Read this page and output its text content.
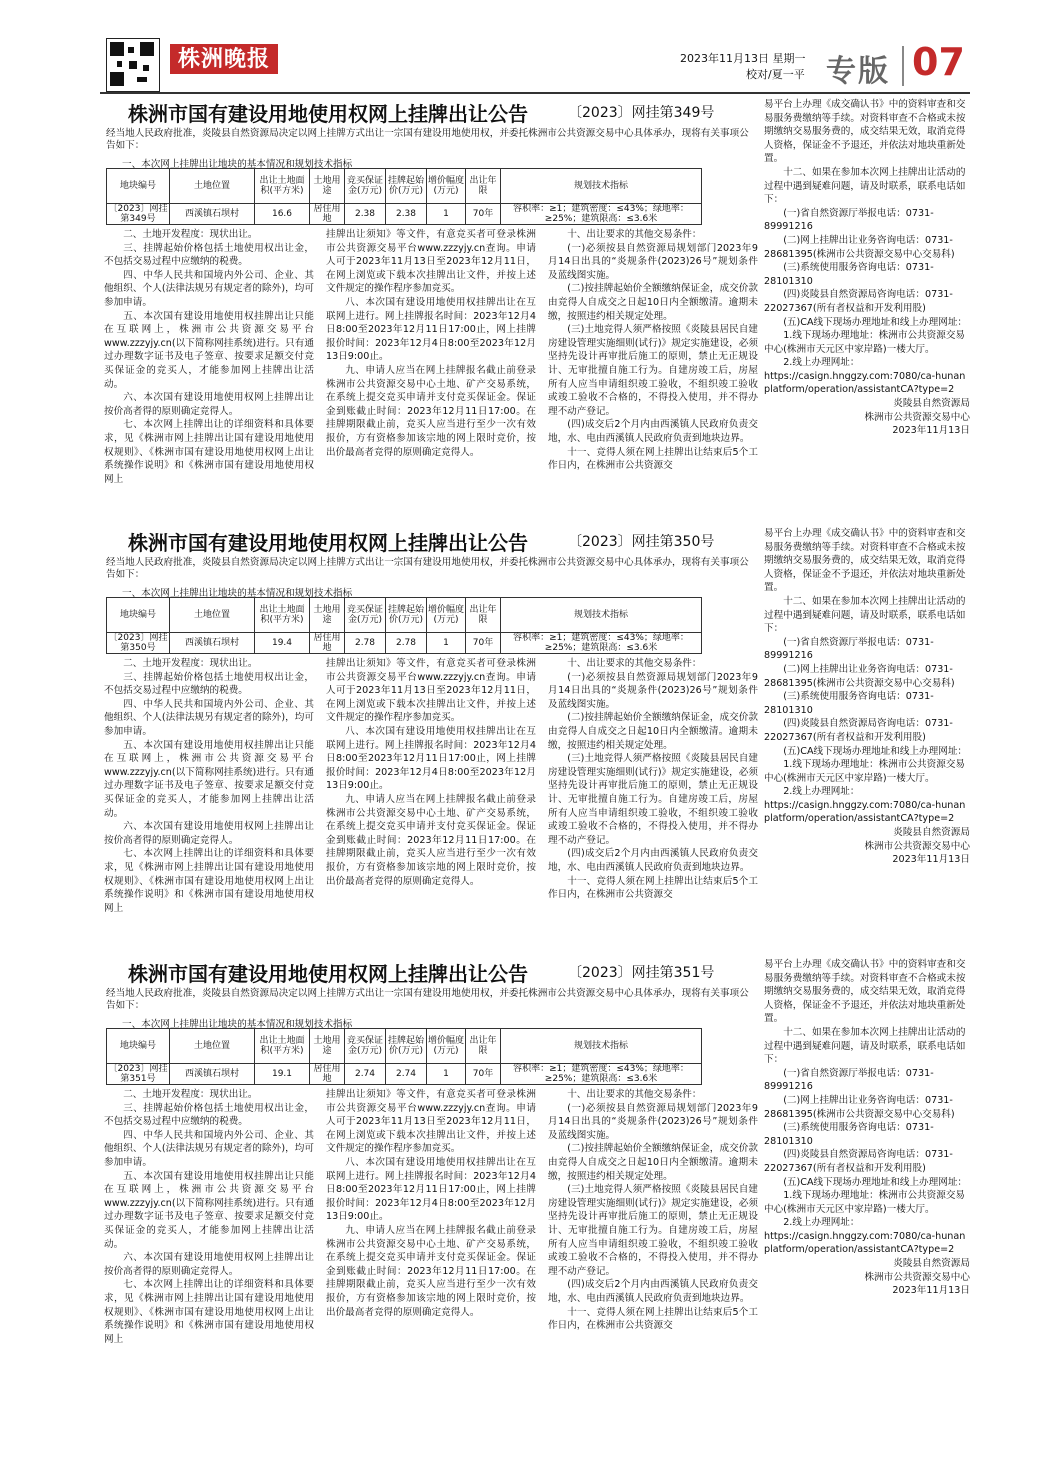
株洲晚报	2023年11月13日 星期一
校对/夏一平 专版 07
株洲市国有建设用地使用权网上挂牌出让公告	〔2023〕网挂第349号
经当地人民政府批准，炎陵县自然资源局决定以网上挂牌方式出让一宗国有建设用地使用权，并委托株洲市公共资源交易中心具体承办，现将有关事项公告如下：
一、本次网上挂牌出让地块的基本情况和规划技术指标
地块编号	土地位置	出让土地面积(平方米)	土地用途	竞买保证金(万元)	挂牌起始价(万元)	增价幅度(万元)	出让年限	规划技术指标
〔2023〕网挂第349号	西溪镇石坝村	16.6	居住用地	2.38	2.38	1	70年	容积率：≥1；建筑密度：≤43%；绿地率：≥25%；建筑限高：≤3.6米

二、土地开发程度：现状出让。

三、挂牌起始价格包括土地使用权出让金，不包括交易过程中应缴纳的税费。

四、中华人民共和国境内外公司、企业、其他组织、个人(法律法规另有规定者的除外)，均可参加申请。

五、本次国有建设用地使用权挂牌出让只能在互联网上，株洲市公共资源交易平台www.zzzyjy.cn(以下简称网挂系统)进行。只有通过办理数字证书及电子签章、按要求足额交付竞买保证金的竞买人，才能参加网上挂牌出让活动。

六、本次国有建设用地使用权网上挂牌出让按价高者得的原则确定竞得人。

七、本次网上挂牌出让的详细资料和具体要求，见《株洲市网上挂牌出让国有建设用地使用权规则》、《株洲市国有建设用地使用权网上出让系统操作说明》和《株洲市国有建设用地使用权网上

挂牌出让须知》等文件，有意竞买者可登录株洲市公共资源交易平台www.zzzyjy.cn查询。申请人可于2023年11月13日至2023年12月11日，在网上浏览或下载本次挂牌出让文件，并按上述文件规定的操作程序参加竞买。

八、本次国有建设用地使用权挂牌出让在互联网上进行。网上挂牌报名时间：2023年12月4日8:00至2023年12月11日17:00止，网上挂牌报价时间：2023年12月4日8:00至2023年12月13日9:00止。

九、申请人应当在网上挂牌报名截止前登录株洲市公共资源交易中心土地、矿产交易系统，在系统上提交竞买申请并支付竞买保证金。保证金到账截止时间：2023年12月11日17:00。在挂牌期限截止前，竞买人应当进行至少一次有效报价，方有资格参加该宗地的网上限时竞价，按出价最高者竞得的原则确定竞得人。

十、出让要求的其他交易条件：

(一)必须按县自然资源局规划部门2023年9月14日出具的“炎规条件(2023)26号”规划条件及蓝线图实施。

(二)按挂牌起始价全额缴纳保证金，成交价款由竞得人自成交之日起10日内全额缴清。逾期未缴，按照违约相关规定处理。

(三)土地竞得人须严格按照《炎陵县居民自建房建设管理实施细则(试行)》规定实施建设，必须坚持先设计再审批后施工的原则，禁止无正规设计、无审批擅自施工行为。自建房竣工后，房屋所有人应当申请组织竣工验收，不组织竣工验收或竣工验收不合格的，不得投入使用，并不得办理不动产登记。

(四)成交后2个月内由西溪镇人民政府负责交地，水、电由西溪镇人民政府负责到地块边界。

十一、竞得人须在网上挂牌出让结束后5个工作日内，在株洲市公共资源交

易平台上办理《成交确认书》中的资料审查和交易服务费缴纳等手续。对资料审查不合格或未按期缴纳交易服务费的，成交结果无效，取消竞得人资格，保证金不予退还，并依法对地块重新处置。

十二、如果在参加本次网上挂牌出让活动的过程中遇到疑难问题，请及时联系，联系电话如下：

(一)省自然资源厅举报电话：0731-89991216

(二)网上挂牌出让业务咨询电话：0731-28681395(株洲市公共资源交易中心交易科)

(三)系统使用服务咨询电话：0731-28101310

(四)炎陵县自然资源局咨询电话：0731-22027367(所有者权益和开发利用股)

(五)CA线下现场办理地址和线上办理网址：

1.线下现场办理地址：株洲市公共资源交易中心(株洲市天元区中家岸路)一楼大厅。

2.线上办理网址：

https://casign.hnggzy.com:7080/ca-hunanplatform/operation/assistantCA?type=2

炎陵县自然资源局

株洲市公共资源交易中心

2023年11月13日

株洲市国有建设用地使用权网上挂牌出让公告	〔2023〕网挂第350号
经当地人民政府批准，炎陵县自然资源局决定以网上挂牌方式出让一宗国有建设用地使用权，并委托株洲市公共资源交易中心具体承办，现将有关事项公告如下：
一、本次网上挂牌出让地块的基本情况和规划技术指标
地块编号	土地位置	出让土地面积(平方米)	土地用途	竞买保证金(万元)	挂牌起始价(万元)	增价幅度(万元)	出让年限	规划技术指标
〔2023〕网挂第350号	西溪镇石坝村	19.4	居住用地	2.78	2.78	1	70年	容积率：≥1；建筑密度：≤43%；绿地率：≥25%；建筑限高：≤3.6米

二、土地开发程度：现状出让。

三、挂牌起始价格包括土地使用权出让金，不包括交易过程中应缴纳的税费。

四、中华人民共和国境内外公司、企业、其他组织、个人(法律法规另有规定者的除外)，均可参加申请。

五、本次国有建设用地使用权挂牌出让只能在互联网上，株洲市公共资源交易平台www.zzzyjy.cn(以下简称网挂系统)进行。只有通过办理数字证书及电子签章、按要求足额交付竞买保证金的竞买人，才能参加网上挂牌出让活动。

六、本次国有建设用地使用权网上挂牌出让按价高者得的原则确定竞得人。

七、本次网上挂牌出让的详细资料和具体要求，见《株洲市网上挂牌出让国有建设用地使用权规则》、《株洲市国有建设用地使用权网上出让系统操作说明》和《株洲市国有建设用地使用权网上

挂牌出让须知》等文件，有意竞买者可登录株洲市公共资源交易平台www.zzzyjy.cn查询。申请人可于2023年11月13日至2023年12月11日，在网上浏览或下载本次挂牌出让文件，并按上述文件规定的操作程序参加竞买。

八、本次国有建设用地使用权挂牌出让在互联网上进行。网上挂牌报名时间：2023年12月4日8:00至2023年12月11日17:00止，网上挂牌报价时间：2023年12月4日8:00至2023年12月13日9:00止。

九、申请人应当在网上挂牌报名截止前登录株洲市公共资源交易中心土地、矿产交易系统，在系统上提交竞买申请并支付竞买保证金。保证金到账截止时间：2023年12月11日17:00。在挂牌期限截止前，竞买人应当进行至少一次有效报价，方有资格参加该宗地的网上限时竞价，按出价最高者竞得的原则确定竞得人。

十、出让要求的其他交易条件：

(一)必须按县自然资源局规划部门2023年9月14日出具的“炎规条件(2023)26号”规划条件及蓝线图实施。

(二)按挂牌起始价全额缴纳保证金，成交价款由竞得人自成交之日起10日内全额缴清。逾期未缴，按照违约相关规定处理。

(三)土地竞得人须严格按照《炎陵县居民自建房建设管理实施细则(试行)》规定实施建设，必须坚持先设计再审批后施工的原则，禁止无正规设计、无审批擅自施工行为。自建房竣工后，房屋所有人应当申请组织竣工验收，不组织竣工验收或竣工验收不合格的，不得投入使用，并不得办理不动产登记。

(四)成交后2个月内由西溪镇人民政府负责交地，水、电由西溪镇人民政府负责到地块边界。

十一、竞得人须在网上挂牌出让结束后5个工作日内，在株洲市公共资源交

易平台上办理《成交确认书》中的资料审查和交易服务费缴纳等手续。对资料审查不合格或未按期缴纳交易服务费的，成交结果无效，取消竞得人资格，保证金不予退还，并依法对地块重新处置。

十二、如果在参加本次网上挂牌出让活动的过程中遇到疑难问题，请及时联系，联系电话如下：

(一)省自然资源厅举报电话：0731-89991216

(二)网上挂牌出让业务咨询电话：0731-28681395(株洲市公共资源交易中心交易科)

(三)系统使用服务咨询电话：0731-28101310

(四)炎陵县自然资源局咨询电话：0731-22027367(所有者权益和开发利用股)

(五)CA线下现场办理地址和线上办理网址：

1.线下现场办理地址：株洲市公共资源交易中心(株洲市天元区中家岸路)一楼大厅。

2.线上办理网址：

https://casign.hnggzy.com:7080/ca-hunanplatform/operation/assistantCA?type=2

炎陵县自然资源局

株洲市公共资源交易中心

2023年11月13日

株洲市国有建设用地使用权网上挂牌出让公告	〔2023〕网挂第351号
经当地人民政府批准，炎陵县自然资源局决定以网上挂牌方式出让一宗国有建设用地使用权，并委托株洲市公共资源交易中心具体承办，现将有关事项公告如下：
一、本次网上挂牌出让地块的基本情况和规划技术指标
地块编号	土地位置	出让土地面积(平方米)	土地用途	竞买保证金(万元)	挂牌起始价(万元)	增价幅度(万元)	出让年限	规划技术指标
〔2023〕网挂第351号	西溪镇石坝村	19.1	居住用地	2.74	2.74	1	70年	容积率：≥1；建筑密度：≤43%；绿地率：≥25%；建筑限高：≤3.6米

二、土地开发程度：现状出让。

三、挂牌起始价格包括土地使用权出让金，不包括交易过程中应缴纳的税费。

四、中华人民共和国境内外公司、企业、其他组织、个人(法律法规另有规定者的除外)，均可参加申请。

五、本次国有建设用地使用权挂牌出让只能在互联网上，株洲市公共资源交易平台www.zzzyjy.cn(以下简称网挂系统)进行。只有通过办理数字证书及电子签章、按要求足额交付竞买保证金的竞买人，才能参加网上挂牌出让活动。

六、本次国有建设用地使用权网上挂牌出让按价高者得的原则确定竞得人。

七、本次网上挂牌出让的详细资料和具体要求，见《株洲市网上挂牌出让国有建设用地使用权规则》、《株洲市国有建设用地使用权网上出让系统操作说明》和《株洲市国有建设用地使用权网上

挂牌出让须知》等文件，有意竞买者可登录株洲市公共资源交易平台www.zzzyjy.cn查询。申请人可于2023年11月13日至2023年12月11日，在网上浏览或下载本次挂牌出让文件，并按上述文件规定的操作程序参加竞买。

八、本次国有建设用地使用权挂牌出让在互联网上进行。网上挂牌报名时间：2023年12月4日8:00至2023年12月11日17:00止，网上挂牌报价时间：2023年12月4日8:00至2023年12月13日9:00止。

九、申请人应当在网上挂牌报名截止前登录株洲市公共资源交易中心土地、矿产交易系统，在系统上提交竞买申请并支付竞买保证金。保证金到账截止时间：2023年12月11日17:00。在挂牌期限截止前，竞买人应当进行至少一次有效报价，方有资格参加该宗地的网上限时竞价，按出价最高者竞得的原则确定竞得人。

十、出让要求的其他交易条件：

(一)必须按县自然资源局规划部门2023年9月14日出具的“炎规条件(2023)26号”规划条件及蓝线图实施。

(二)按挂牌起始价全额缴纳保证金，成交价款由竞得人自成交之日起10日内全额缴清。逾期未缴，按照违约相关规定处理。

(三)土地竞得人须严格按照《炎陵县居民自建房建设管理实施细则(试行)》规定实施建设，必须坚持先设计再审批后施工的原则，禁止无正规设计、无审批擅自施工行为。自建房竣工后，房屋所有人应当申请组织竣工验收，不组织竣工验收或竣工验收不合格的，不得投入使用，并不得办理不动产登记。

(四)成交后2个月内由西溪镇人民政府负责交地，水、电由西溪镇人民政府负责到地块边界。

十一、竞得人须在网上挂牌出让结束后5个工作日内，在株洲市公共资源交

易平台上办理《成交确认书》中的资料审查和交易服务费缴纳等手续。对资料审查不合格或未按期缴纳交易服务费的，成交结果无效，取消竞得人资格，保证金不予退还，并依法对地块重新处置。

十二、如果在参加本次网上挂牌出让活动的过程中遇到疑难问题，请及时联系，联系电话如下：

(一)省自然资源厅举报电话：0731-89991216

(二)网上挂牌出让业务咨询电话：0731-28681395(株洲市公共资源交易中心交易科)

(三)系统使用服务咨询电话：0731-28101310

(四)炎陵县自然资源局咨询电话：0731-22027367(所有者权益和开发利用股)

(五)CA线下现场办理地址和线上办理网址：

1.线下现场办理地址：株洲市公共资源交易中心(株洲市天元区中家岸路)一楼大厅。

2.线上办理网址：

https://casign.hnggzy.com:7080/ca-hunanplatform/operation/assistantCA?type=2

炎陵县自然资源局

株洲市公共资源交易中心

2023年11月13日
